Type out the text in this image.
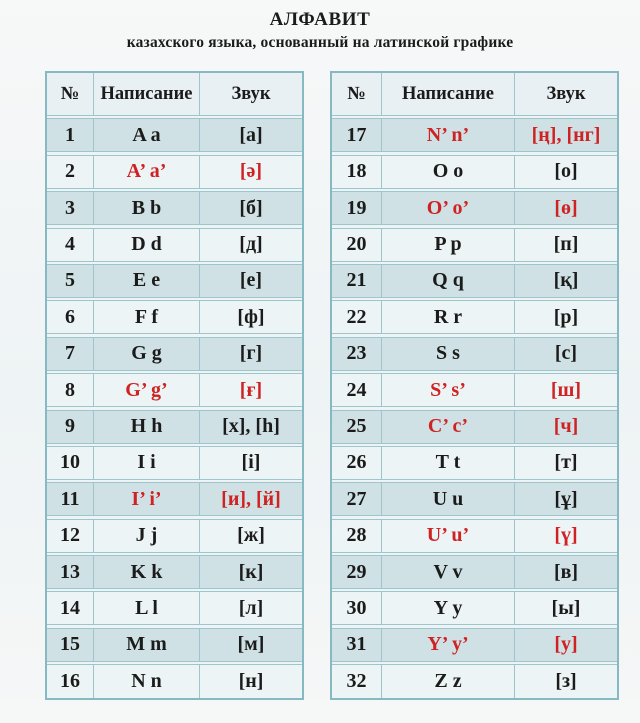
АЛФАВИТ
казахского языка, основанный на латинской графике
№	Написание	Звук
1	A a	[а]
2	A’ a’	[ә]
3	B b	[б]
4	D d	[д]
5	E e	[е]
6	F f	[ф]
7	G g	[г]
8	G’ g’	[ғ]
9	H h	[х], [h]
10	I i	[і]
11	I’ i’	[и], [й]
12	J j	[ж]
13	K k	[к]
14	L l	[л]
15	M m	[м]
16	N n	[н]
№	Написание	Звук
17	N’ n’	[ң], [нг]
18	O o	[о]
19	O’ o’	[ө]
20	P p	[п]
21	Q q	[қ]
22	R r	[р]
23	S s	[с]
24	S’ s’	[ш]
25	C’ c’	[ч]
26	T t	[т]
27	U u	[ұ]
28	U’ u’	[ү]
29	V v	[в]
30	Y y	[ы]
31	Y’ y’	[у]
32	Z z	[з]
